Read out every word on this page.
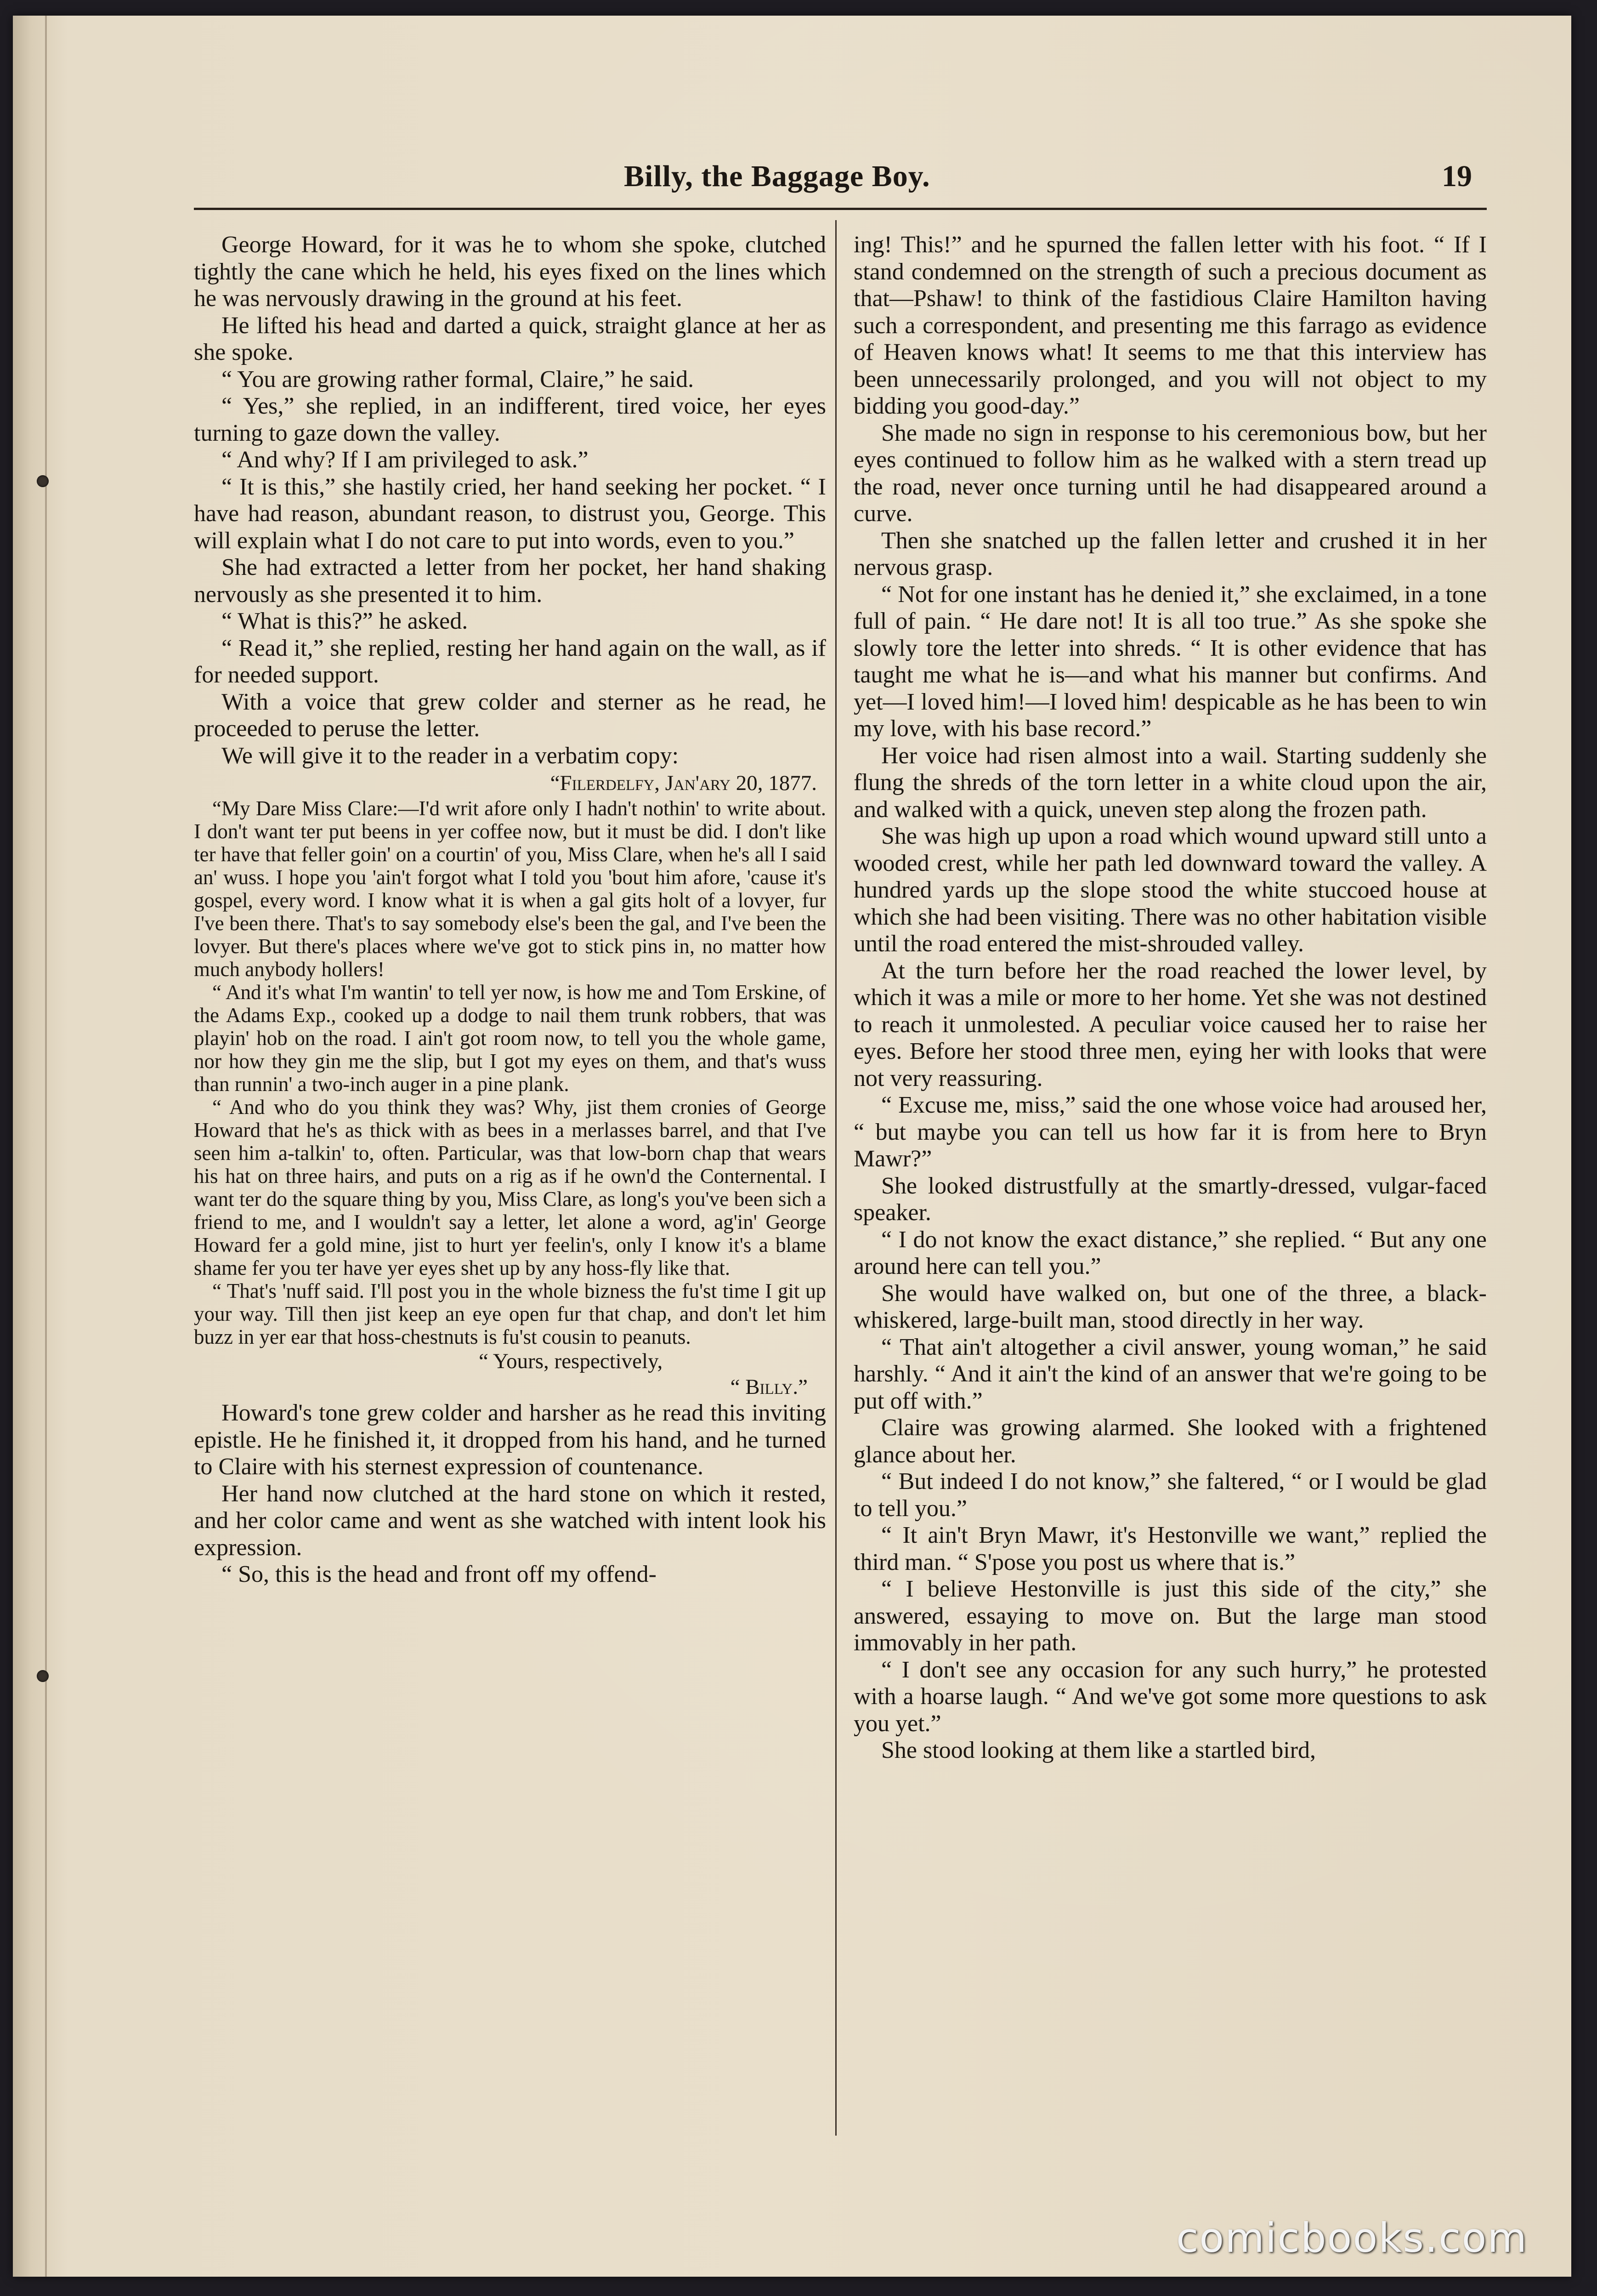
Billy, the Baggage Boy.	19

George Howard, for it was he to whom she spoke, clutched tightly the cane which he held, his eyes fixed on the lines which he was nervously drawing in the ground at his feet.

He lifted his head and darted a quick, straight glance at her as she spoke.

“ You are growing rather formal, Claire,” he said.

“ Yes,” she replied, in an indifferent, tired voice, her eyes turning to gaze down the valley.

“ And why? If I am privileged to ask.”

“ It is this,” she hastily cried, her hand seeking her pocket. “ I have had reason, abundant reason, to distrust you, George. This will explain what I do not care to put into words, even to you.”

She had extracted a letter from her pocket, her hand shaking nervously as she presented it to him.

“ What is this?” he asked.

“ Read it,” she replied, resting her hand again on the wall, as if for needed support.

With a voice that grew colder and sterner as he read, he proceeded to peruse the letter.

We will give it to the reader in a verbatim copy:

“Filerdelfy, Jan'ary 20, 1877.

“My Dare Miss Clare:—I'd writ afore only I hadn't nothin' to write about. I don't want ter put beens in yer coffee now, but it must be did. I don't like ter have that feller goin' on a courtin' of you, Miss Clare, when he's all I said an' wuss. I hope you 'ain't forgot what I told you 'bout him afore, 'cause it's gospel, every word. I know what it is when a gal gits holt of a lovyer, fur I've been there. That's to say somebody else's been the gal, and I've been the lovyer. But there's places where we've got to stick pins in, no matter how much anybody hollers!

“ And it's what I'm wantin' to tell yer now, is how me and Tom Erskine, of the Adams Exp., cooked up a dodge to nail them trunk robbers, that was playin' hob on the road. I ain't got room now, to tell you the whole game, nor how they gin me the slip, but I got my eyes on them, and that's wuss than runnin' a two-inch auger in a pine plank.

“ And who do you think they was? Why, jist them cronies of George Howard that he's as thick with as bees in a merlasses barrel, and that I've seen him a-talkin' to, often. Particular, was that low-born chap that wears his hat on three hairs, and puts on a rig as if he own'd the Conternental. I want ter do the square thing by you, Miss Clare, as long's you've been sich a friend to me, and I wouldn't say a letter, let alone a word, ag'in' George Howard fer a gold mine, jist to hurt yer feelin's, only I know it's a blame shame fer you ter have yer eyes shet up by any hoss-fly like that.

“ That's 'nuff said. I'll post you in the whole bizness the fu'st time I git up your way. Till then jist keep an eye open fur that chap, and don't let him buzz in yer ear that hoss-chestnuts is fu'st cousin to peanuts.

“ Yours, respectively,
“ Billy.”

Howard's tone grew colder and harsher as he read this inviting epistle. He he finished it, it dropped from his hand, and he turned to Claire with his sternest expression of countenance.

Her hand now clutched at the hard stone on which it rested, and her color came and went as she watched with intent look his expression.

“ So, this is the head and front off my offend-

ing! This!” and he spurned the fallen letter with his foot. “ If I stand condemned on the strength of such a precious document as that—Pshaw! to think of the fastidious Claire Hamilton having such a correspondent, and presenting me this farrago as evidence of Heaven knows what! It seems to me that this interview has been unnecessarily prolonged, and you will not object to my bidding you good-day.”

She made no sign in response to his ceremonious bow, but her eyes continued to follow him as he walked with a stern tread up the road, never once turning until he had disappeared around a curve.

Then she snatched up the fallen letter and crushed it in her nervous grasp.

“ Not for one instant has he denied it,” she exclaimed, in a tone full of pain. “ He dare not! It is all too true.” As she spoke she slowly tore the letter into shreds. “ It is other evidence that has taught me what he is—and what his manner but confirms. And yet—I loved him!—I loved him! despicable as he has been to win my love, with his base record.”

Her voice had risen almost into a wail. Starting suddenly she flung the shreds of the torn letter in a white cloud upon the air, and walked with a quick, uneven step along the frozen path.

She was high up upon a road which wound upward still unto a wooded crest, while her path led downward toward the valley. A hundred yards up the slope stood the white stuccoed house at which she had been visiting. There was no other habitation visible until the road entered the mist-shrouded valley.

At the turn before her the road reached the lower level, by which it was a mile or more to her home. Yet she was not destined to reach it unmolested. A peculiar voice caused her to raise her eyes. Before her stood three men, eying her with looks that were not very reassuring.

“ Excuse me, miss,” said the one whose voice had aroused her, “ but maybe you can tell us how far it is from here to Bryn Mawr?”

She looked distrustfully at the smartly-dressed, vulgar-faced speaker.

“ I do not know the exact distance,” she replied. “ But any one around here can tell you.”

She would have walked on, but one of the three, a black-whiskered, large-built man, stood directly in her way.

“ That ain't altogether a civil answer, young woman,” he said harshly. “ And it ain't the kind of an answer that we're going to be put off with.”

Claire was growing alarmed. She looked with a frightened glance about her.

“ But indeed I do not know,” she faltered, “ or I would be glad to tell you.”

“ It ain't Bryn Mawr, it's Hestonville we want,” replied the third man. “ S'pose you post us where that is.”

“ I believe Hestonville is just this side of the city,” she answered, essaying to move on. But the large man stood immovably in her path.

“ I don't see any occasion for any such hurry,” he protested with a hoarse laugh. “ And we've got some more questions to ask you yet.”

She stood looking at them like a startled bird,

comicbooks.com
